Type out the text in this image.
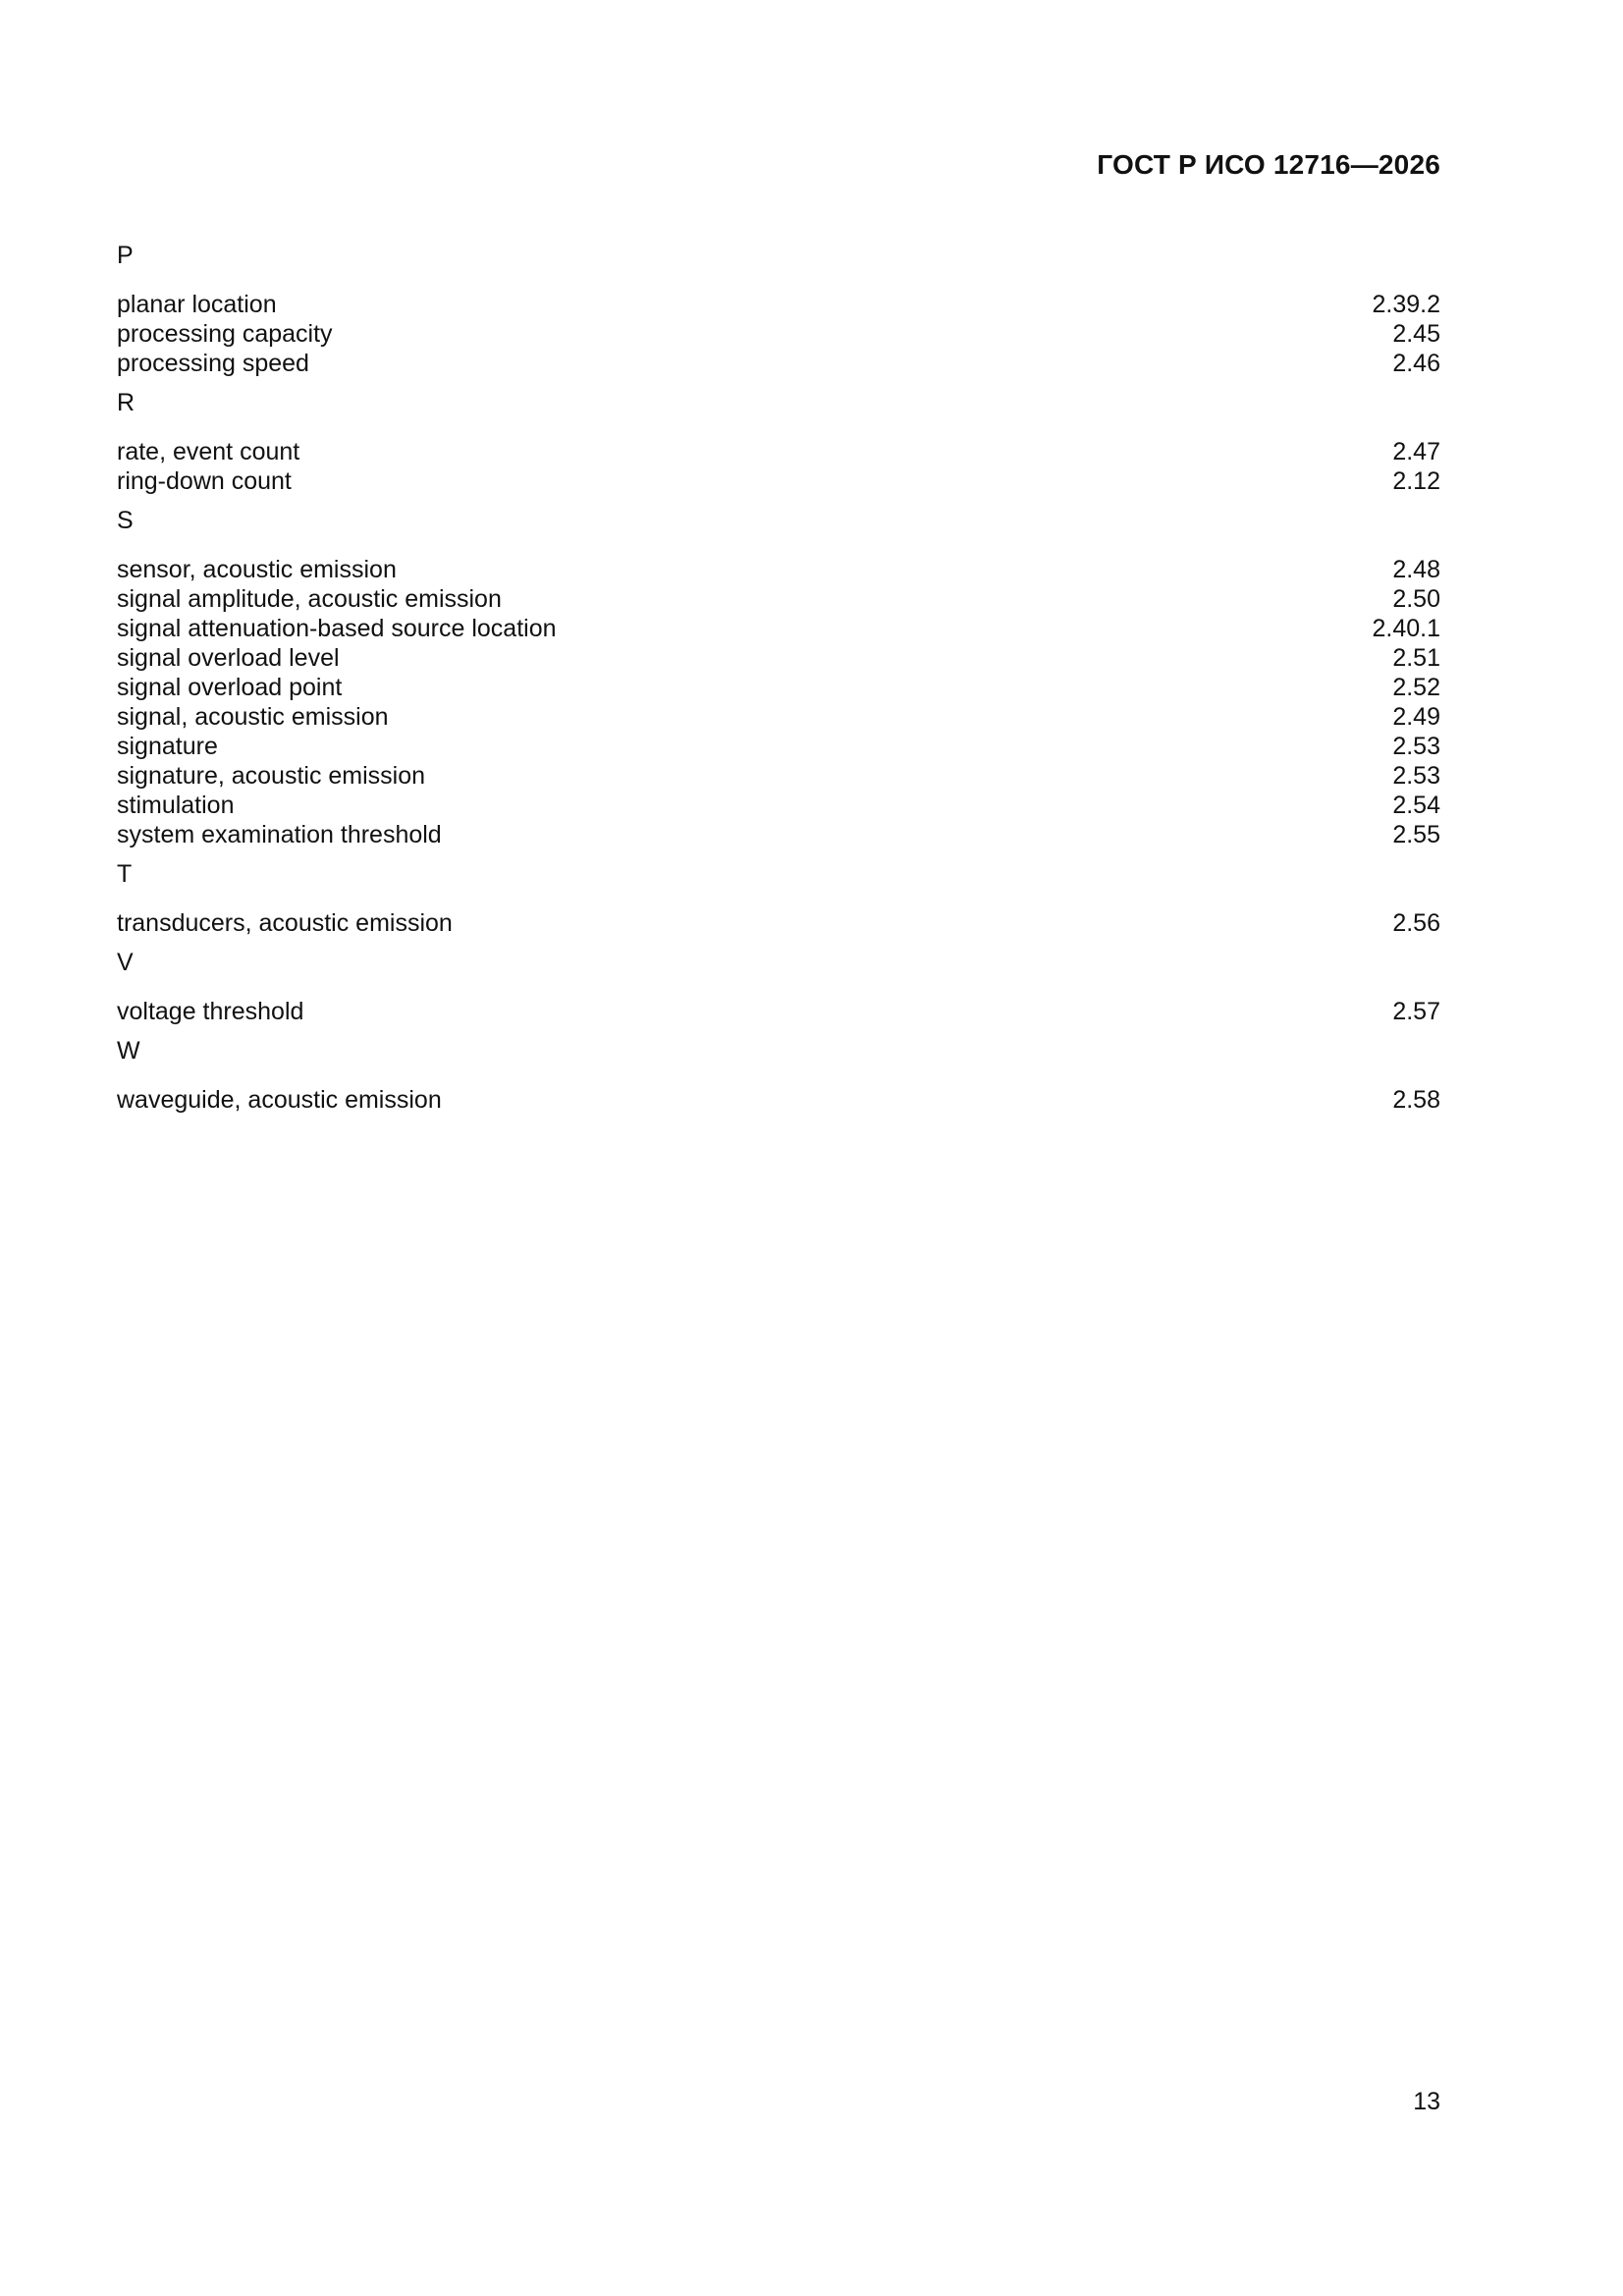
ГОСТ Р ИСО 12716—2026
P
planar location	2.39.2
processing capacity	2.45
processing speed	2.46
R
rate, event count	2.47
ring-down count	2.12
S
sensor, acoustic emission	2.48
signal amplitude, acoustic emission	2.50
signal attenuation-based source location	2.40.1
signal overload level	2.51
signal overload point	2.52
signal, acoustic emission	2.49
signature	2.53
signature, acoustic emission	2.53
stimulation	2.54
system examination threshold	2.55
T
transducers, acoustic emission	2.56
V
voltage threshold	2.57
W
waveguide, acoustic emission	2.58
13
